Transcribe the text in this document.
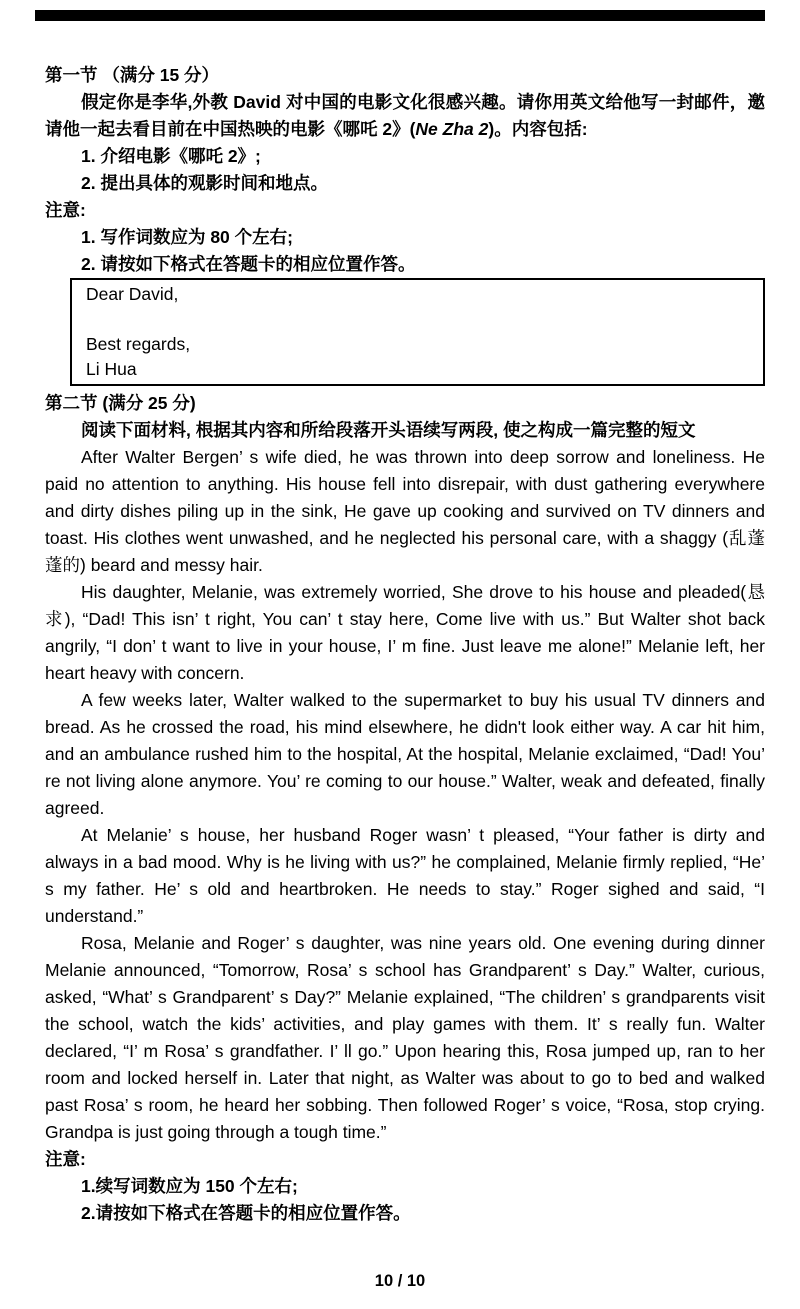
第一节 （满分 15 分）
假定你是李华,外教 David 对中国的电影文化很感兴趣。请你用英文给他写一封邮件，邀请他一起去看目前在中国热映的电影《哪吒 2》(Ne Zha 2)。内容包括:
1. 介绍电影《哪吒 2》;
2. 提出具体的观影时间和地点。
注意:
1. 写作词数应为 80 个左右;
2. 请按如下格式在答题卡的相应位置作答。
Dear David,

Best regards,
Li Hua
第二节 (满分 25 分)
阅读下面材料, 根据其内容和所给段落开头语续写两段, 使之构成一篇完整的短文

After Walter Bergen’ s wife died, he was thrown into deep sorrow and loneliness. He paid no attention to anything. His house fell into disrepair, with dust gathering everywhere and dirty dishes piling up in the sink, He gave up cooking and survived on TV dinners and toast. His clothes went unwashed, and he neglected his personal care, with a shaggy (乱蓬蓬的) beard and messy hair.

His daughter, Melanie, was extremely worried, She drove to his house and pleaded(恳求), “Dad! This isn’ t right, You can’ t stay here, Come live with us.” But Walter shot back angrily, “I don’ t want to live in your house, I’ m fine. Just leave me alone!” Melanie left, her heart heavy with concern.

A few weeks later, Walter walked to the supermarket to buy his usual TV dinners and bread. As he crossed the road, his mind elsewhere, he didn't look either way. A car hit him, and an ambulance rushed him to the hospital, At the hospital, Melanie exclaimed, “Dad! You’ re not living alone anymore. You’ re coming to our house.” Walter, weak and defeated, finally agreed.

At Melanie’ s house, her husband Roger wasn’ t pleased, “Your father is dirty and always in a bad mood. Why is he living with us?” he complained, Melanie firmly replied, “He’ s my father. He’ s old and heartbroken. He needs to stay.” Roger sighed and said, “I understand.”

Rosa, Melanie and Roger’ s daughter, was nine years old. One evening during dinner Melanie announced, “Tomorrow, Rosa’ s school has Grandparent’ s Day.” Walter, curious, asked, “What’ s Grandparent’ s Day?” Melanie explained, “The children’ s grandparents visit the school, watch the kids’ activities, and play games with them. It’ s really fun. Walter declared, “I’ m Rosa’ s grandfather. I’ ll go.” Upon hearing this, Rosa jumped up, ran to her room and locked herself in. Later that night, as Walter was about to go to bed and walked past Rosa’ s room, he heard her sobbing. Then followed Roger’ s voice, “Rosa, stop crying. Grandpa is just going through a tough time.”

注意:
1.续写词数应为 150 个左右;
2.请按如下格式在答题卡的相应位置作答。
10 / 10
